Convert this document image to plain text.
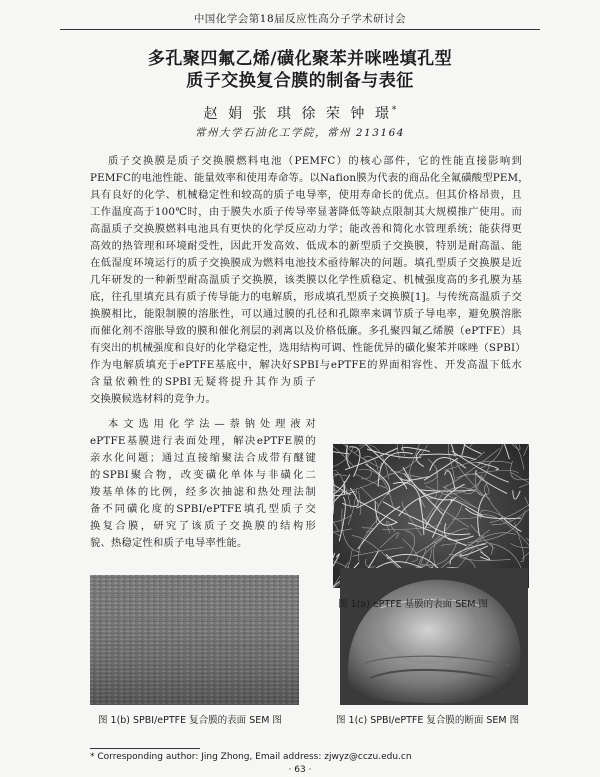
中国化学会第18届反应性高分子学术研讨会
多孔聚四氟乙烯/磺化聚苯并咪唑填孔型
质子交换复合膜的制备与表征
赵 娟 张 琪 徐 荣 钟 璟*
常州大学石油化工学院，常州 213164
质子交换膜是质子交换膜燃料电池（PEMFC）的核心部件，它的性能直接影响到
PEMFC的电池性能、能量效率和使用寿命等。以Nafion膜为代表的商品化全氟磺酸型PEM，
具有良好的化学、机械稳定性和较高的质子电导率，使用寿命长的优点。但其价格昂贵，且
工作温度高于100℃时，由于膜失水质子传导率显著降低等缺点限制其大规模推广使用。而
高温质子交换膜燃料电池具有更快的化学反应动力学；能改善和简化水管理系统；能获得更
高效的热管理和环境耐受性，因此开发高效、低成本的新型质子交换膜，特别是耐高温、能
在低湿度环境运行的质子交换膜成为燃料电池技术亟待解决的问题。填孔型质子交换膜是近
几年研发的一种新型耐高温质子交换膜，该类膜以化学性质稳定、机械强度高的多孔膜为基
底，往孔里填充具有质子传导能力的电解质，形成填孔型质子交换膜[1]。与传统高温质子交
换膜相比，能限制膜的溶胀性，可以通过膜的孔径和孔隙率来调节质子导电率，避免膜溶胀
而催化剂不溶胀导致的膜和催化剂层的剥离以及价格低廉。多孔聚四氟乙烯膜（ePTFE）具
有突出的机械强度和良好的化学稳定性，选用结构可调、性能优异的磺化聚苯并咪唑（SPBI）
作为电解质填充于ePTFE基底中，解决好SPBI与ePTFE的界面相容性、开发高温下低水
含量依赖性的SPBI无疑将提升其作为质子
交换膜候选材料的竞争力。
本文选用化学法—萘钠处理液对
ePTFE基膜进行表面处理，解决ePTFE膜的
亲水化问题；通过直接缩聚法合成带有醚键
的SPBI聚合物，改变磺化单体与非磺化二
羧基单体的比例，经多次抽滤和热处理法制
备不同磺化度的SPBI/ePTFE填孔型质子交
换复合膜，研究了该质子交换膜的结构形
貌、热稳定性和质子电导率性能。
图 1(a) ePTFE 基膜的表面 SEM 图
图 1(b) SPBI/ePTFE 复合膜的表面 SEM 图	图 1(c) SPBI/ePTFE 复合膜的断面 SEM 图
* Corresponding author: Jing Zhong, Email address: zjwyz@cczu.edu.cn
· 63 ·
